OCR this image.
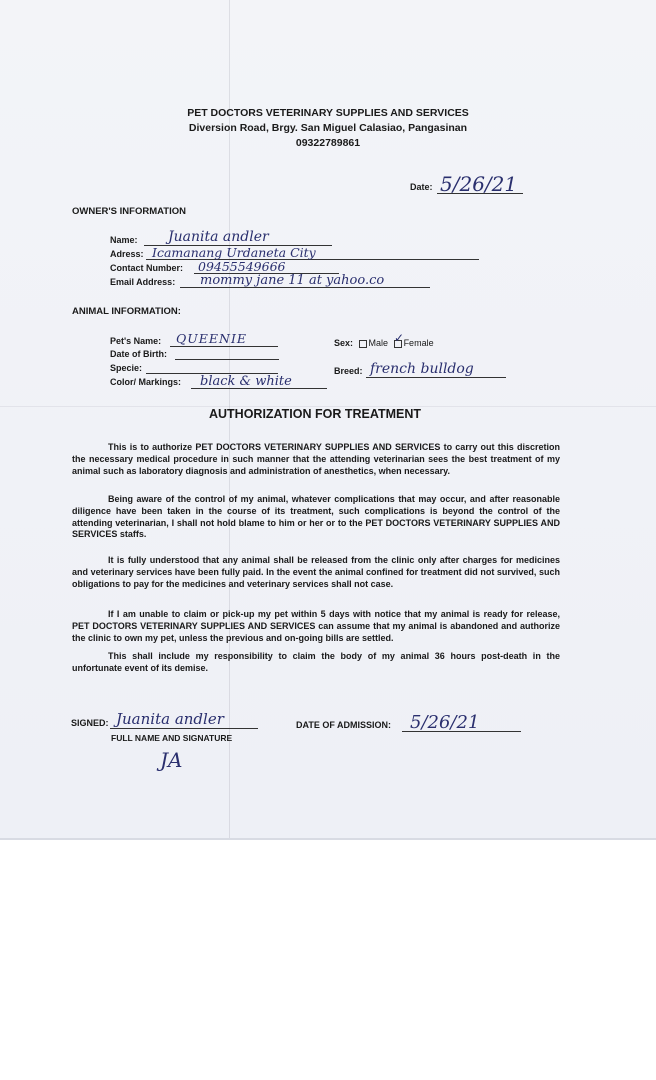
PET DOCTORS VETERINARY SUPPLIES AND SERVICES
Diversion Road, Brgy. San Miguel Calasiao, Pangasinan
09322789861
Date: 5/26/21
OWNER'S INFORMATION
Name: Juanita andler
Adress: Icamanang Urdaneta City
Contact Number: 09455549666
Email Address: mommy jane 11 at yahoo.co
ANIMAL INFORMATION:
Pet's Name: QUEENIE	Sex: Male Female
✓
Date of Birth:
Specie:	Breed: french bulldog
Color/ Markings: black & white
AUTHORIZATION FOR TREATMENT

This is to authorize PET DOCTORS VETERINARY SUPPLIES AND SERVICES to carry out this discretion the necessary medical procedure in such manner that the attending veterinarian sees the best treatment of my animal such as laboratory diagnosis and administration of anesthetics, when necessary.

Being aware of the control of my animal, whatever complications that may occur, and after reasonable diligence have been taken in the course of its treatment, such complications is beyond the control of the attending veterinarian, I shall not hold blame to him or her or to the PET DOCTORS VETERINARY SUPPLIES AND SERVICES staffs.

It is fully understood that any animal shall be released from the clinic only after charges for medicines and veterinary services have been fully paid. In the event the animal confined for treatment did not survived, such obligations to pay for the medicines and veterinary services shall not case.

If I am unable to claim or pick-up my pet within 5 days with notice that my animal is ready for release, PET DOCTORS VETERINARY SUPPLIES AND SERVICES can assume that my animal is abandoned and authorize the clinic to own my pet, unless the previous and on-going bills are settled.

This shall include my responsibility to claim the body of my animal 36 hours post-death in the unfortunate event of its demise.

SIGNED: Juanita andler
FULL NAME AND SIGNATURE
JA
DATE OF ADMISSION: 5/26/21
